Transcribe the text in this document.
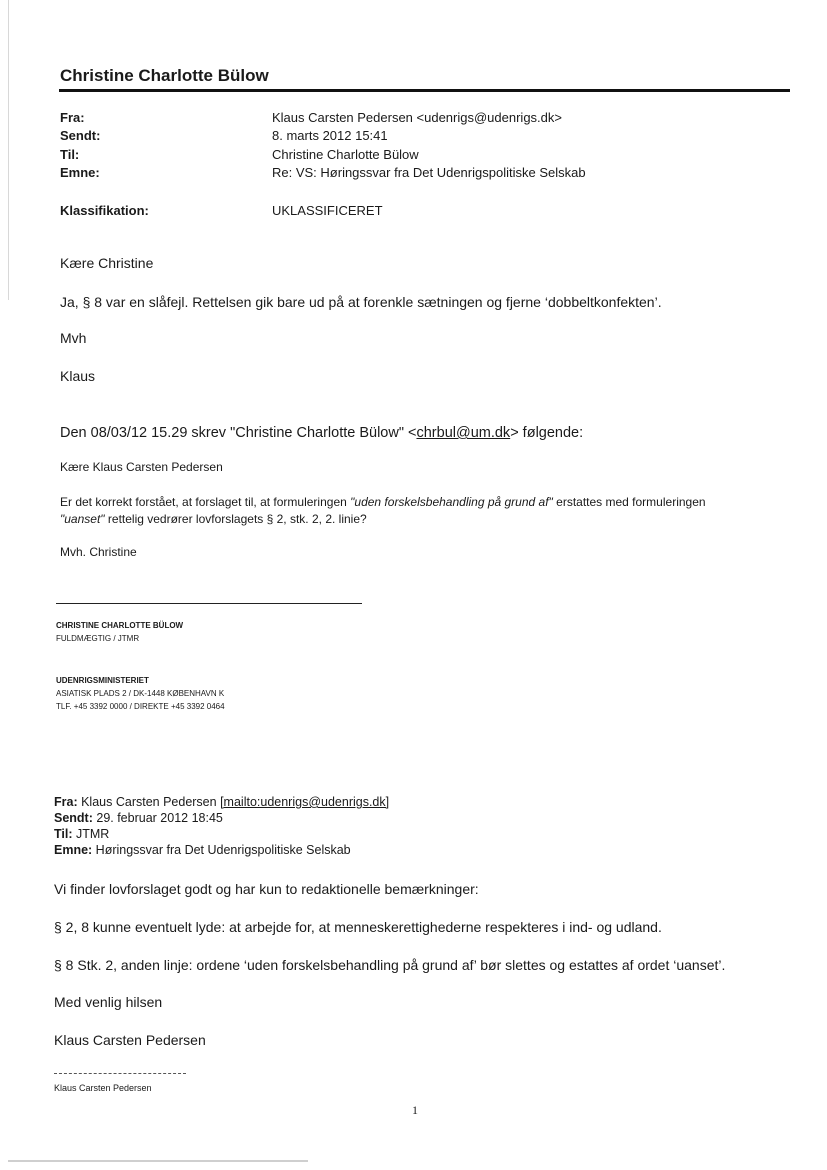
Christine Charlotte Bülow
Fra:	Klaus Carsten Pedersen <udenrigs@udenrigs.dk>
Sendt:	8. marts 2012 15:41
Til:	Christine Charlotte Bülow
Emne:	Re: VS: Høringssvar fra Det Udenrigspolitiske Selskab
Klassifikation:	UKLASSIFICERET
Kære Christine
Ja, § 8 var en slåfejl. Rettelsen gik bare ud på at forenkle sætningen og fjerne ‘dobbeltkonfekten’.
Mvh
Klaus
Den 08/03/12 15.29 skrev "Christine Charlotte Bülow" <chrbul@um.dk> følgende:
Kære Klaus Carsten Pedersen
Er det korrekt forstået, at forslaget til, at formuleringen "uden forskelsbehandling på grund af" erstattes med formuleringen
"uanset" rettelig vedrører lovforslagets § 2, stk. 2, 2. linie?
Mvh. Christine
CHRISTINE CHARLOTTE BÜLOW
FULDMÆGTIG / JTMR
UDENRIGSMINISTERIET
ASIATISK PLADS 2 / DK-1448 KØBENHAVN K
TLF. +45 3392 0000 / DIREKTE +45 3392 0464
Fra: Klaus Carsten Pedersen [mailto:udenrigs@udenrigs.dk]
Sendt: 29. februar 2012 18:45
Til: JTMR
Emne: Høringssvar fra Det Udenrigspolitiske Selskab
Vi finder lovforslaget godt og har kun to redaktionelle bemærkninger:
§ 2, 8 kunne eventuelt lyde: at arbejde for, at menneskerettighederne respekteres i ind- og udland.
§ 8 Stk. 2, anden linje: ordene ‘uden forskelsbehandling på grund af’ bør slettes og estattes af ordet ‘uanset’.
Med venlig hilsen
Klaus Carsten Pedersen
Klaus Carsten Pedersen
1
